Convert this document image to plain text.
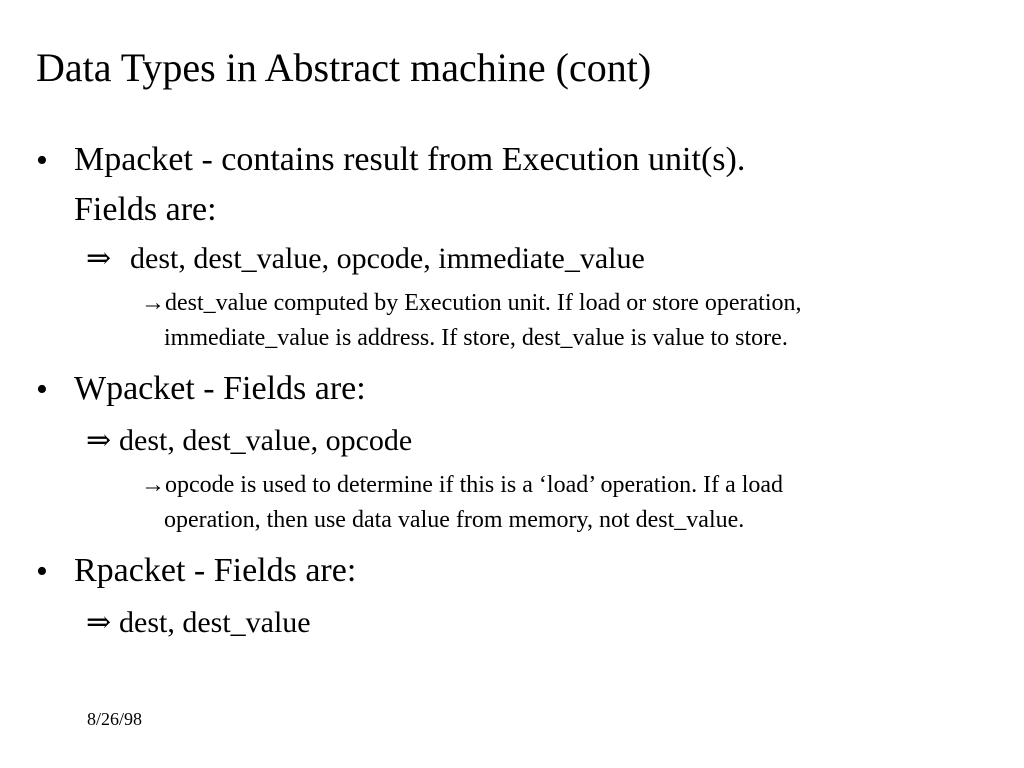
Data Types in Abstract machine (cont)
• Mpacket - contains result from Execution unit(s).
Fields are:
⇒ dest, dest_value, opcode, immediate_value
→ dest_value computed by Execution unit. If load or store operation,
immediate_value is address. If store, dest_value is value to store.
• Wpacket - Fields are:
⇒ dest, dest_value, opcode
→ opcode is used to determine if this is a ‘load’ operation. If a load
operation, then use data value from memory, not dest_value.
• Rpacket - Fields are:
⇒ dest, dest_value
8/26/98
